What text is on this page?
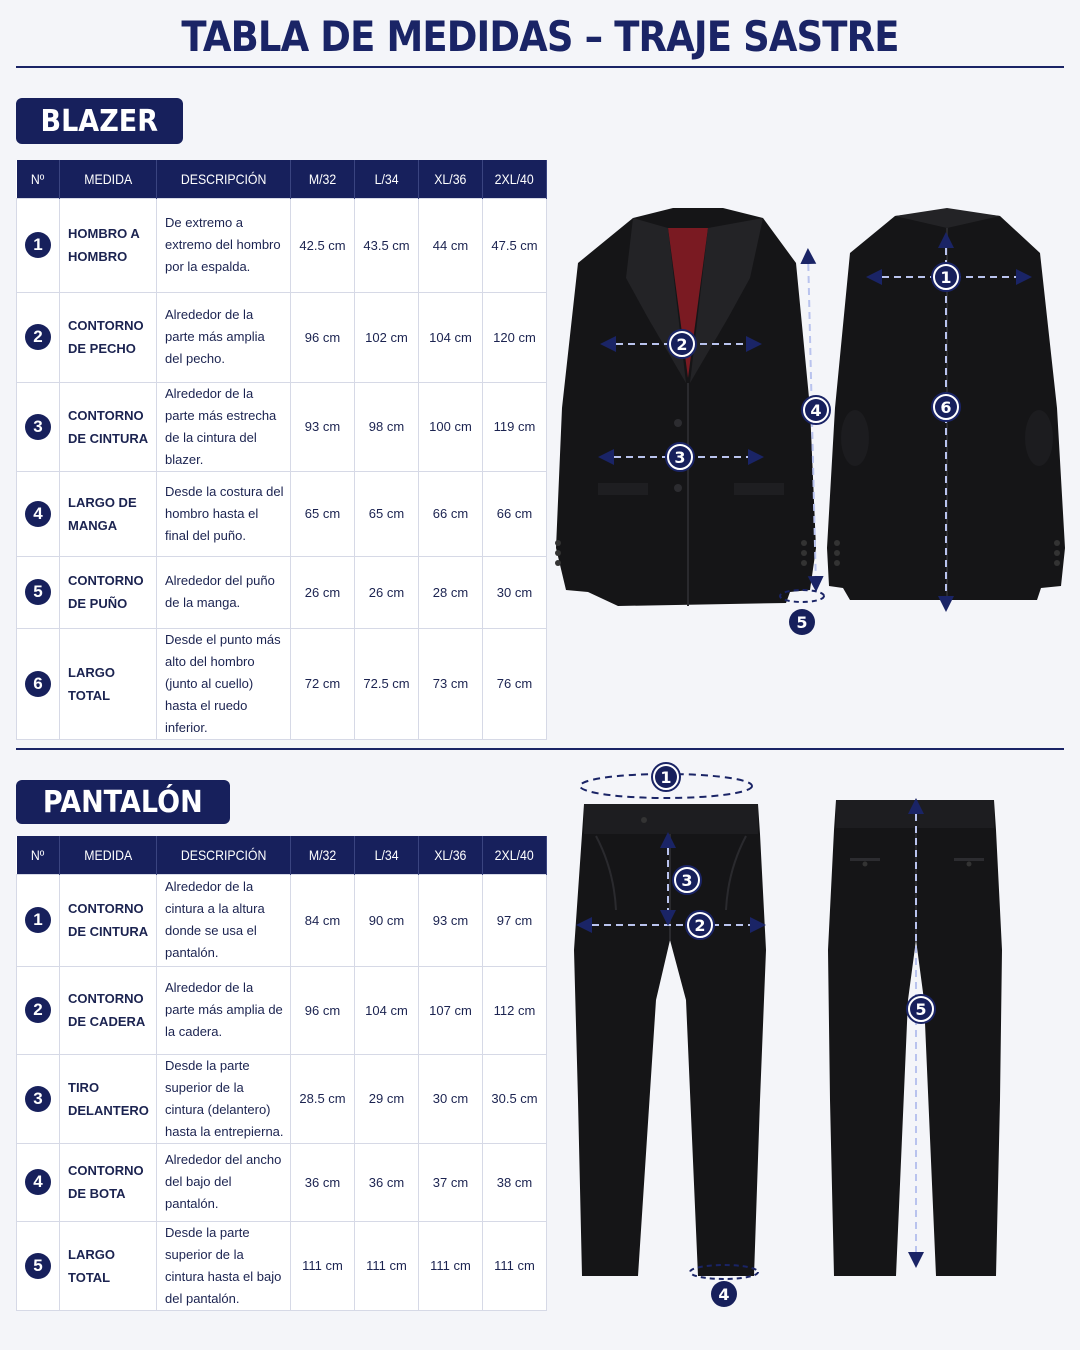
TABLA DE MEDIDAS – TRAJE SASTRE
BLAZER
Nº	MEDIDA	DESCRIPCIÓN	M/32	L/34	XL/36	2XL/40
1	HOMBRO A HOMBRO	De extremo a extremo del hombro por la espalda.	42.5 cm	43.5 cm	44 cm	47.5 cm
2	CONTORNO DE PECHO	Alrededor de la parte más amplia del pecho.	96 cm	102 cm	104 cm	120 cm
3	CONTORNO DE CINTURA	Alrededor de la parte más estrecha de la cintura del blazer.	93 cm	98 cm	100 cm	119 cm
4	LARGO DE MANGA	Desde la costura del hombro hasta el final del puño.	65 cm	65 cm	66 cm	66 cm
5	CONTORNO DE PUÑO	Alrededor del puño de la manga.	26 cm	26 cm	28 cm	30 cm
6	LARGO TOTAL	Desde el punto más alto del hombro (junto al cuello) hasta el ruedo inferior.	72 cm	72.5 cm	73 cm	76 cm
2
3
4
5
1
6
PANTALÓN
Nº	MEDIDA	DESCRIPCIÓN	M/32	L/34	XL/36	2XL/40
1	CONTORNO DE CINTURA	Alrededor de la cintura a la altura donde se usa el pantalón.	84 cm	90 cm	93 cm	97 cm
2	CONTORNO DE CADERA	Alrededor de la parte más amplia de la cadera.	96 cm	104 cm	107 cm	112 cm
3	TIRO DELANTERO	Desde la parte superior de la cintura (delantero) hasta la entrepierna.	28.5 cm	29 cm	30 cm	30.5 cm
4	CONTORNO DE BOTA	Alrededor del ancho del bajo del pantalón.	36 cm	36 cm	37 cm	38 cm
5	LARGO TOTAL	Desde la parte superior de la cintura hasta el bajo del pantalón.	111 cm	111 cm	111 cm	111 cm
1
3
2
5
4
